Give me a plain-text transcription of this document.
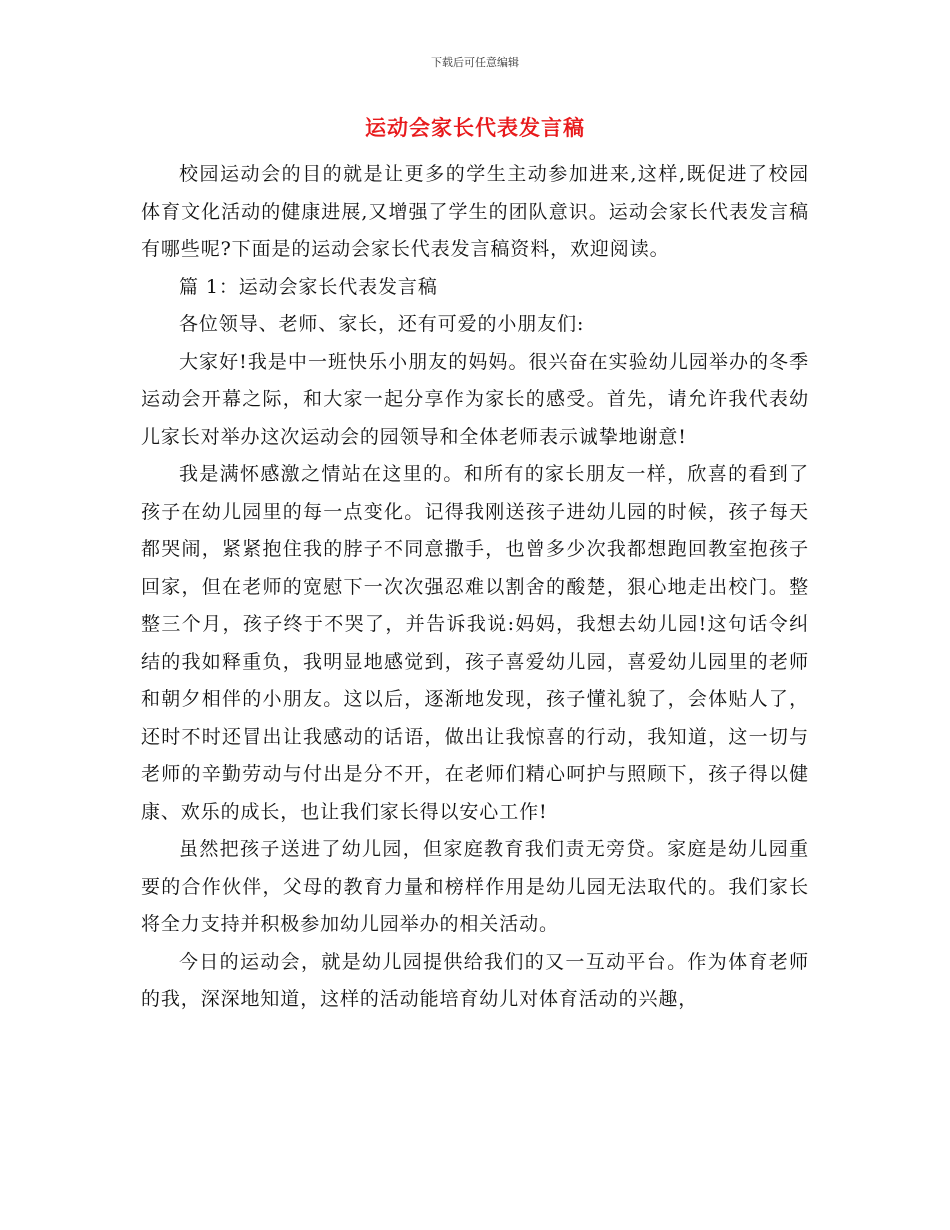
下载后可任意编辑
运动会家长代表发言稿

校园运动会的目的就是让更多的学生主动参加进来,这样,既促进了校园体育文化活动的健康进展,又增强了学生的团队意识。运动会家长代表发言稿有哪些呢?下面是的运动会家长代表发言稿资料，欢迎阅读。

篇 1：运动会家长代表发言稿

各位领导、老师、家长，还有可爱的小朋友们:

大家好!我是中一班快乐小朋友的妈妈。很兴奋在实验幼儿园举办的冬季运动会开幕之际，和大家一起分享作为家长的感受。首先，请允许我代表幼儿家长对举办这次运动会的园领导和全体老师表示诚挚地谢意!

我是满怀感激之情站在这里的。和所有的家长朋友一样，欣喜的看到了孩子在幼儿园里的每一点变化。记得我刚送孩子进幼儿园的时候，孩子每天都哭闹，紧紧抱住我的脖子不同意撒手，也曾多少次我都想跑回教室抱孩子回家，但在老师的宽慰下一次次强忍难以割舍的酸楚，狠心地走出校门。整整三个月，孩子终于不哭了，并告诉我说:妈妈，我想去幼儿园!这句话令纠结的我如释重负，我明显地感觉到，孩子喜爱幼儿园，喜爱幼儿园里的老师和朝夕相伴的小朋友。这以后，逐渐地发现，孩子懂礼貌了，会体贴人了，还时不时还冒出让我感动的话语，做出让我惊喜的行动，我知道，这一切与老师的辛勤劳动与付出是分不开，在老师们精心呵护与照顾下，孩子得以健康、欢乐的成长，也让我们家长得以安心工作!

虽然把孩子送进了幼儿园，但家庭教育我们责无旁贷。家庭是幼儿园重要的合作伙伴，父母的教育力量和榜样作用是幼儿园无法取代的。我们家长将全力支持并积极参加幼儿园举办的相关活动。

今日的运动会，就是幼儿园提供给我们的又一互动平台。作为体育老师的我，深深地知道，这样的活动能培育幼儿对体育活动的兴趣，
